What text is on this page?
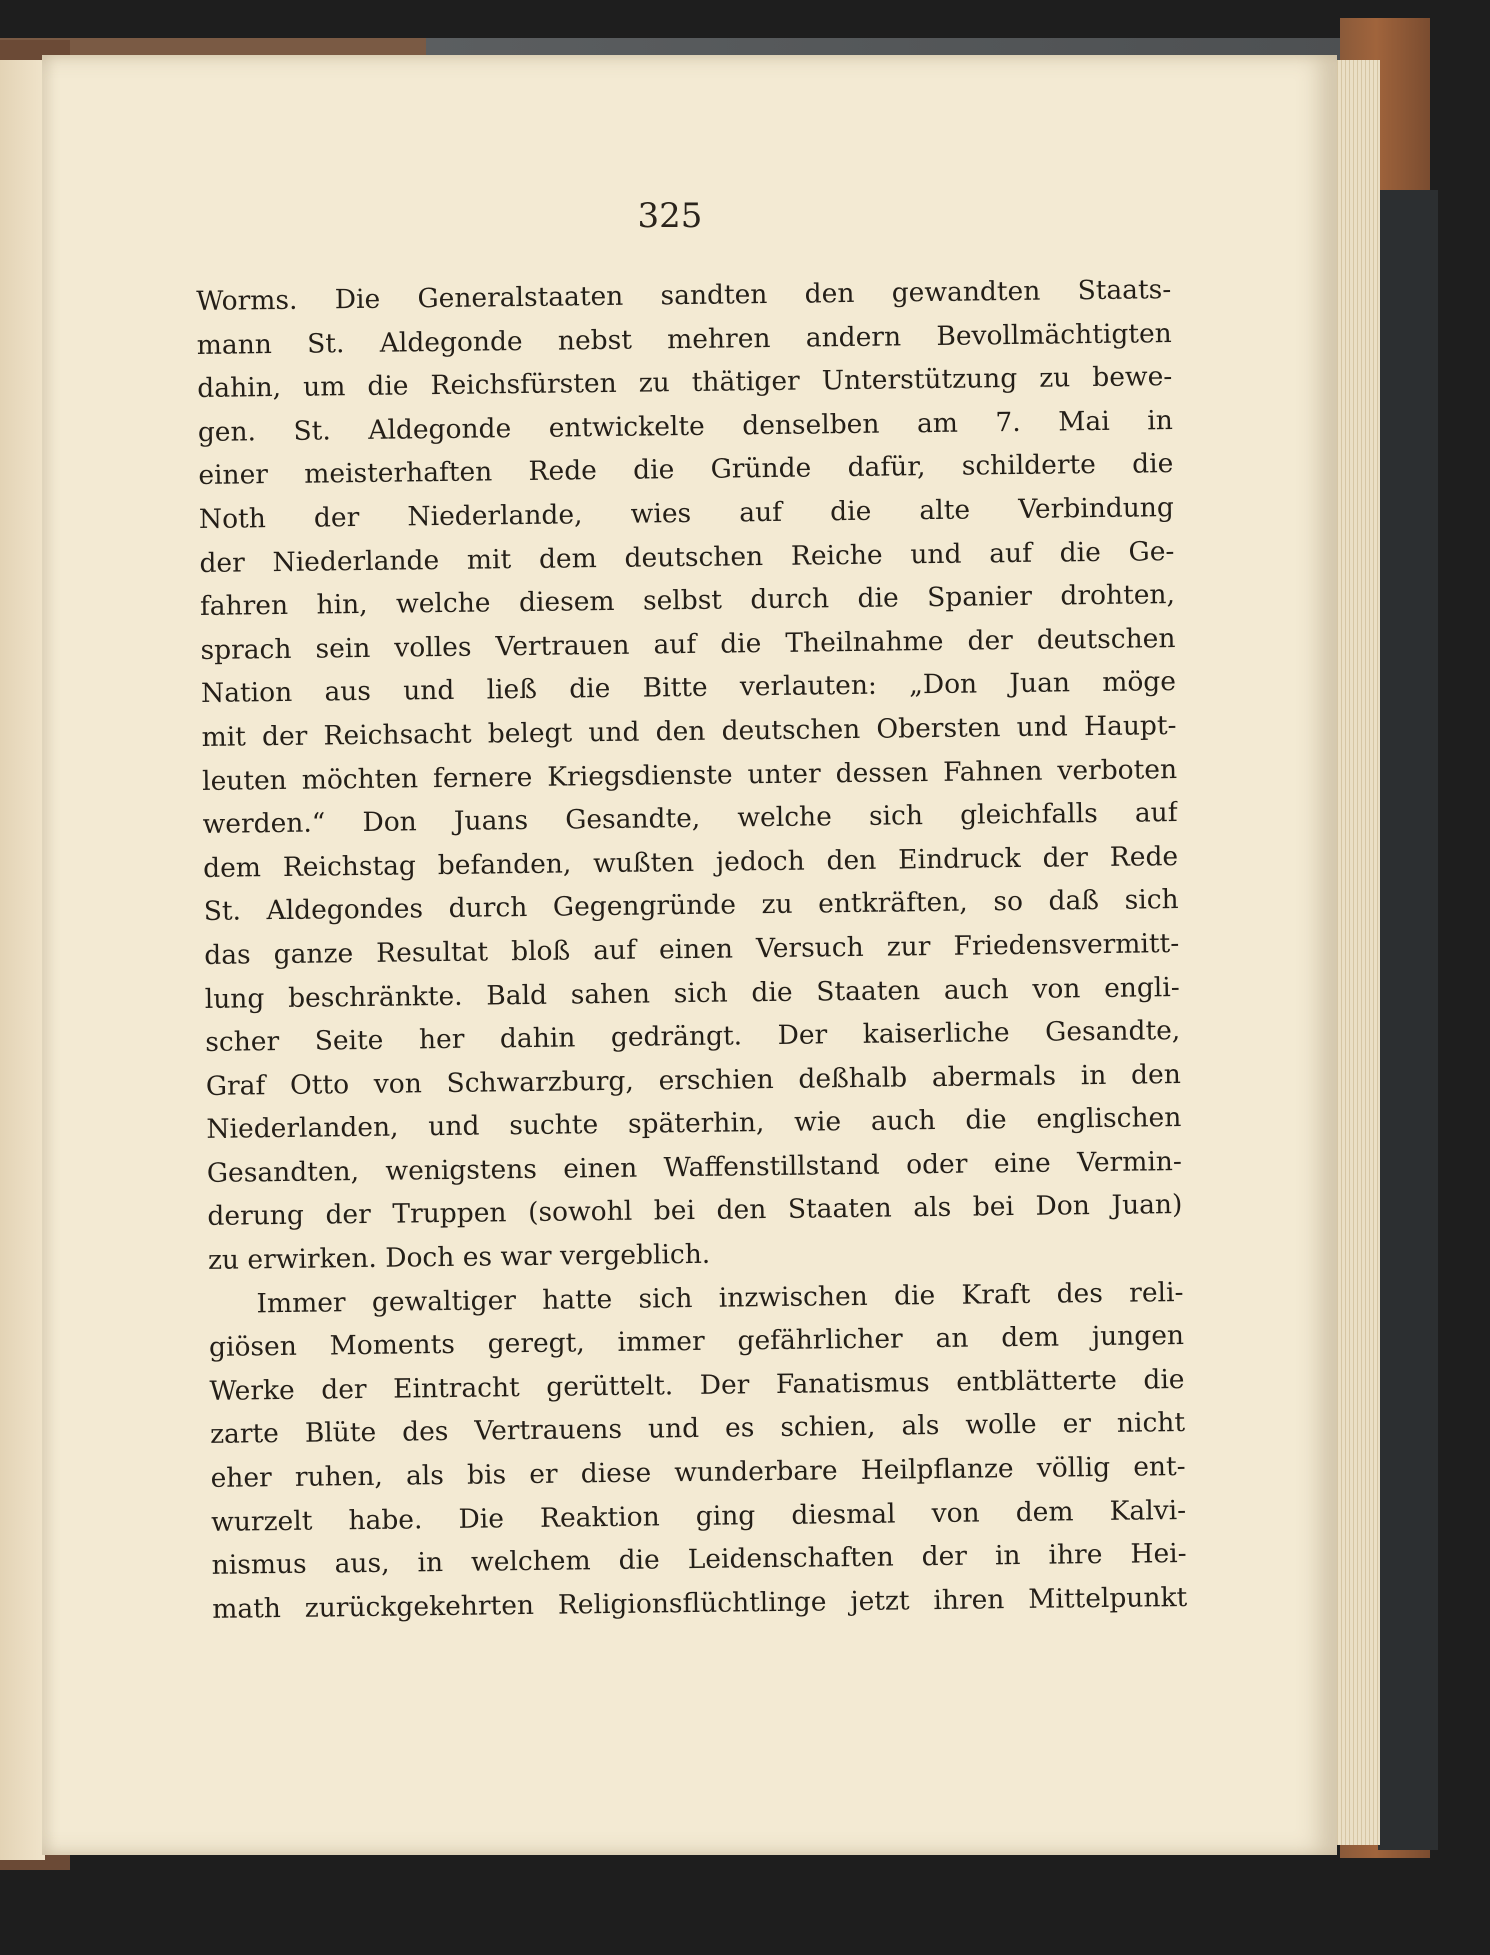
325
Worms. Die Generalstaaten sandten den gewandten Staats-
mann St. Aldegonde nebst mehren andern Bevollmächtigten
dahin, um die Reichsfürsten zu thätiger Unterstützung zu bewe-
gen. St. Aldegonde entwickelte denselben am 7. Mai in
einer meisterhaften Rede die Gründe dafür, schilderte die
Noth der Niederlande, wies auf die alte Verbindung
der Niederlande mit dem deutschen Reiche und auf die Ge-
fahren hin, welche diesem selbst durch die Spanier drohten,
sprach sein volles Vertrauen auf die Theilnahme der deutschen
Nation aus und ließ die Bitte verlauten: „Don Juan möge
mit der Reichsacht belegt und den deutschen Obersten und Haupt-
leuten möchten fernere Kriegsdienste unter dessen Fahnen verboten
werden.“ Don Juans Gesandte, welche sich gleichfalls auf
dem Reichstag befanden, wußten jedoch den Eindruck der Rede
St. Aldegondes durch Gegengründe zu entkräften, so daß sich
das ganze Resultat bloß auf einen Versuch zur Friedensvermitt-
lung beschränkte. Bald sahen sich die Staaten auch von engli-
scher Seite her dahin gedrängt. Der kaiserliche Gesandte,
Graf Otto von Schwarzburg, erschien deßhalb abermals in den
Niederlanden, und suchte späterhin, wie auch die englischen
Gesandten, wenigstens einen Waffenstillstand oder eine Vermin-
derung der Truppen (sowohl bei den Staaten als bei Don Juan)
zu erwirken. Doch es war vergeblich.
Immer gewaltiger hatte sich inzwischen die Kraft des reli-
giösen Moments geregt, immer gefährlicher an dem jungen
Werke der Eintracht gerüttelt. Der Fanatismus entblätterte die
zarte Blüte des Vertrauens und es schien, als wolle er nicht
eher ruhen, als bis er diese wunderbare Heilpflanze völlig ent-
wurzelt habe. Die Reaktion ging diesmal von dem Kalvi-
nismus aus, in welchem die Leidenschaften der in ihre Hei-
math zurückgekehrten Religionsflüchtlinge jetzt ihren Mittelpunkt
